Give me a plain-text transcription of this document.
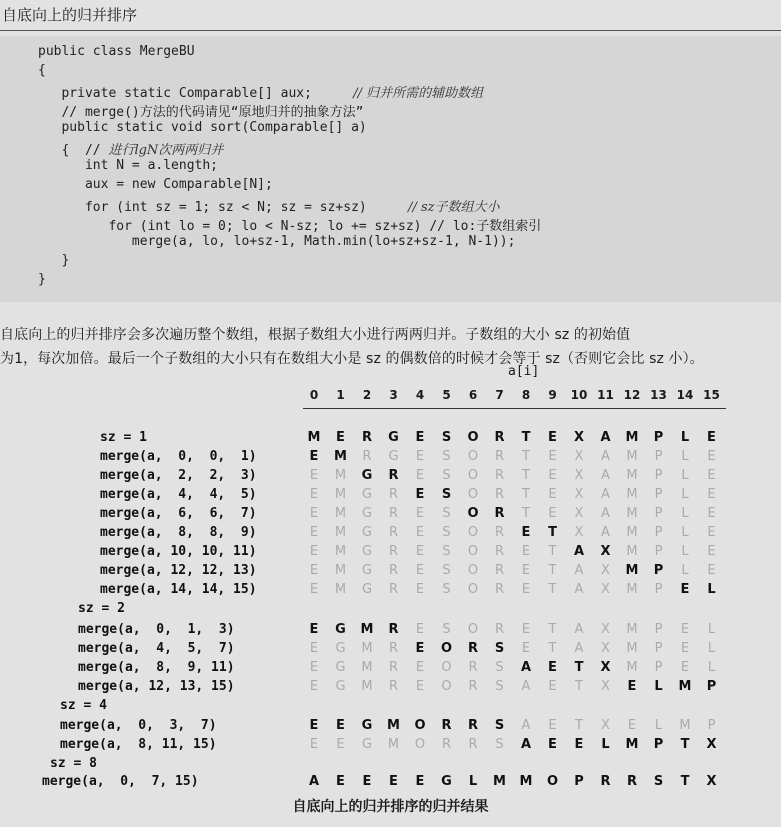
自底向上的归并排序
public class MergeBU
{
private static Comparable[] aux;          // 归并所需的辅助数组
// merge()方法的代码请见“原地归并的抽象方法”
public static void sort(Comparable[] a)
{  // 进行lgN次两两归并
int N = a.length;
aux = new Comparable[N];
for (int sz = 1; sz < N; sz = sz+sz)          // sz子数组大小
for (int lo = 0; lo < N-sz; lo += sz+sz) // lo:子数组索引
merge(a, lo, lo+sz-1, Math.min(lo+sz+sz-1, N-1));
}
}
自底向上的归并排序会多次遍历整个数组，根据子数组大小进行两两归并。子数组的大小 sz 的初始值
为1，每次加倍。最后一个子数组的大小只有在数组大小是 sz 的偶数倍的时候才会等于 sz（否则它会比 sz 小）。
a[i]
0	1	2	3	4	5	6	7	8	9	10 11 12 13 14 15
sz = 1	M	E	R	G	E	S	O	R	T	E	X	A	M	P	L	E
merge(a,  0,  0,  1)	E	M	R	G	E	S	O	R	T	E	X	A	M	P	L	E
merge(a,  2,  2,  3)	E	M	G	R	E	S	O	R	T	E	X	A	M	P	L	E
merge(a,  4,  4,  5)	E	M	G	R	E	S	O	R	T	E	X	A	M	P	L	E
merge(a,  6,  6,  7)	E	M	G	R	E	S	O	R	T	E	X	A	M	P	L	E
merge(a,  8,  8,  9)	E	M	G	R	E	S	O	R	E	T	X	A	M	P	L	E
merge(a, 10, 10, 11)	E	M	G	R	E	S	O	R	E	T	A	X	M	P	L	E
merge(a, 12, 12, 13)	E	M	G	R	E	S	O	R	E	T	A	X	M	P	L	E
merge(a, 14, 14, 15)	E	M	G	R	E	S	O	R	E	T	A	X	M	P	E	L
sz = 2
merge(a,  0,  1,  3)	E	G	M	R	E	S	O	R	E	T	A	X	M	P	E	L
merge(a,  4,  5,  7)	E	G	M	R	E	O	R	S	E	T	A	X	M	P	E	L
merge(a,  8,  9, 11)	E	G	M	R	E	O	R	S	A	E	T	X	M	P	E	L
merge(a, 12, 13, 15)	E	G	M	R	E	O	R	S	A	E	T	X	E	L	M	P
sz = 4
merge(a,  0,  3,  7)	E	E	G	M	O	R	R	S	A	E	T	X	E	L	M	P
merge(a,  8, 11, 15)	E	E	G	M	O	R	R	S	A	E	E	L	M	P	T	X
sz = 8
merge(a,  0,  7, 15)	A	E	E	E	E	G	L	M	M	O	P	R	R	S	T	X
自底向上的归并排序的归并结果
